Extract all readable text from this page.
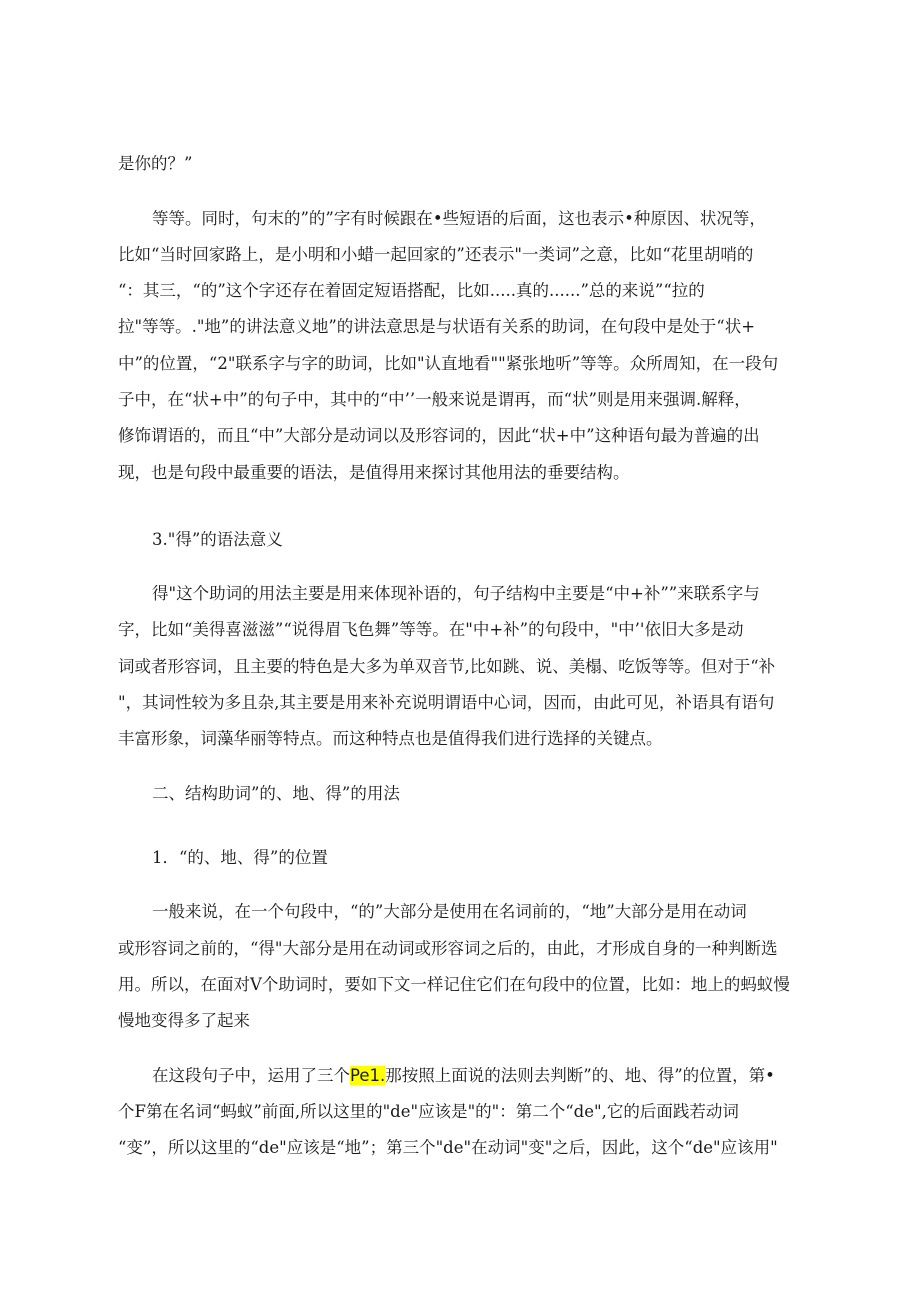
是你的？”
等等。同时，句末的”的”字有时候跟在•些短语的后面，这也表示•种原因、状况等，
比如“当时回家路上，是小明和小蜡一起回家的”还表示"一类词”之意，比如“花里胡哨的
“：其三，“的”这个字还存在着固定短语搭配，比如.....真的......”总的来说”“拉的
拉"等等。."地”的讲法意义地”的讲法意思是与状语有关系的助词，在句段中是处于“状+
中”的位置，“2"联系字与字的助词，比如"认直地看""紧张地听”等等。众所周知，在一段句
子中，在“状+中”的句子中，其中的“中’’一般来说是谓再，而“状”则是用来强调.解释，
修饰谓语的，而且“中”大部分是动词以及形容词的，因此“状+中”这种语句最为普遍的出
现，也是句段中最重要的语法，是值得用来探讨其他用法的垂要结构。
3."得”的语法意义
得"这个助词的用法主要是用来体现补语的，句子结构中主要是“中+补””来联系字与
字，比如“美得喜滋滋”“说得眉飞色舞”等等。在"中+补”的句段中，"中’'依旧大多是动
词或者形容词，且主要的特色是大多为单双音节,比如跳、说、美榻、吃饭等等。但对于“补
"，其词性较为多且杂,其主要是用来补充说明谓语中心词，因而，由此可见，补语具有语句
丰富形象，词藻华丽等特点。而这种特点也是值得我们进行选择的关键点。
二、结构助词”的、地、得”的用法
1．“的、地、得”的位置
一般来说，在一个句段中，“的”大部分是使用在名词前的，“地”大部分是用在动词
或形容词之前的，“得"大部分是用在动词或形容词之后的，由此，才形成自身的一种判断选
用。所以，在面对V个助词时，要如下文一样记住它们在句段中的位置，比如：地上的蚂蚁慢
慢地变得多了起来
在这段句子中，运用了三个Pe1.那按照上面说的法则去判断”的、地、得”的位置，第•
个F第在名词“蚂蚁”前面,所以这里的"de"应该是"的"：第二个“de",它的后面践若动词
“变”，所以这里的“de"应该是“地”；第三个"de"在动词"变"之后，因此，这个“de"应该用"
